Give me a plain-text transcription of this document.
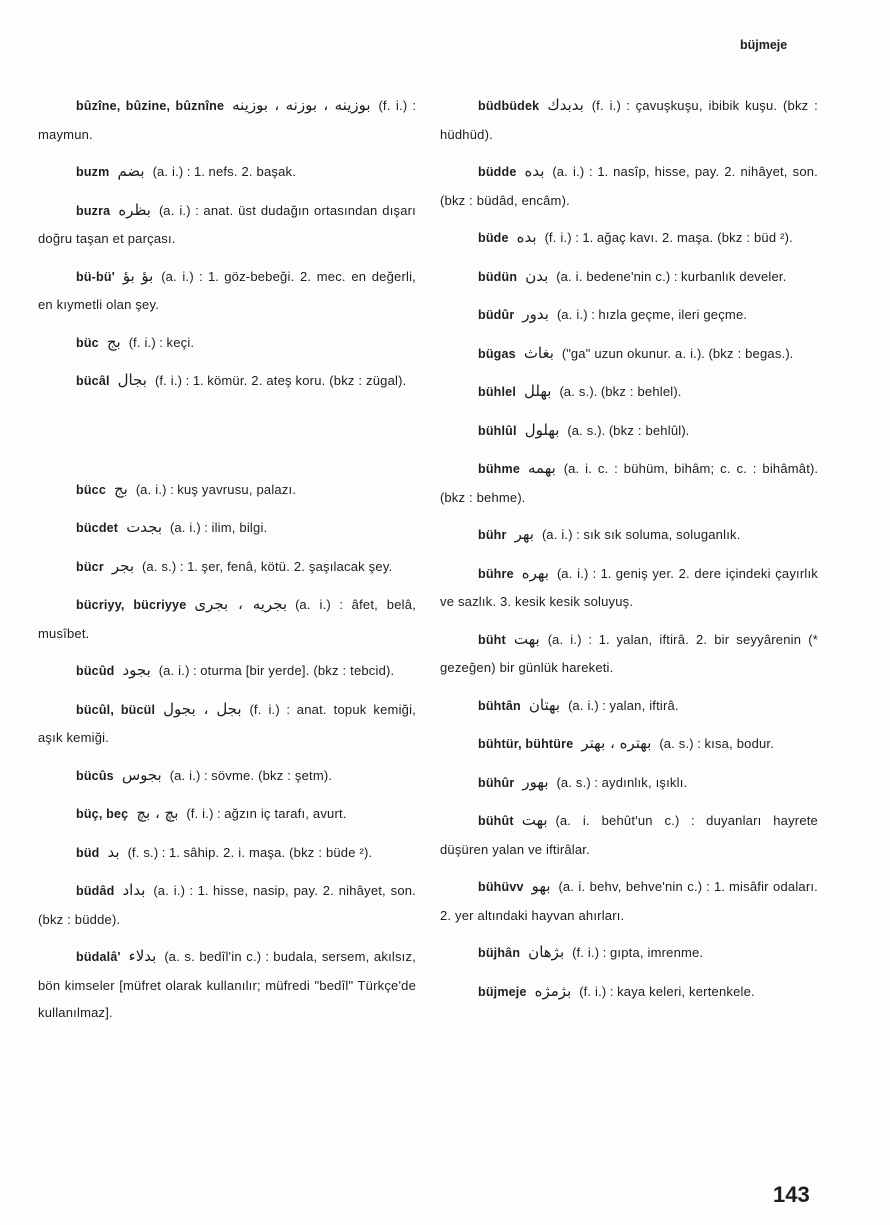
büjmeje
bûzîne, bûzine, bûznîne بوزینه ، بوزنه ، بوزینه (f. i.) : maymun.
buzm بضم (a. i.) : 1. nefs. 2. başak.
buzra بظره (a. i.) : anat. üst dudağın ortasından dışarı doğru taşan et parçası.
bü-bü' بؤ بؤ (a. i.) : 1. göz-bebeği. 2. mec. en değerli, en kıymetli olan şey.
büc بج (f. i.) : keçi.
bücâl بجال (f. i.) : 1. kömür. 2. ateş koru. (bkz : zügal).
bücc بج (a. i.) : kuş yavrusu, palazı.
bücdet بجدت (a. i.) : ilim, bilgi.
bücr بجر (a. s.) : 1. şer, fenâ, kötü. 2. şaşılacak şey.
bücriyy, bücriyye بجریه ، بجری (a. i.) : âfet, belâ, musîbet.
bücûd بجود (a. i.) : oturma [bir yerde]. (bkz : tebcid).
bücûl, bücül بجل ، بجول (f. i.) : anat. topuk kemiği, aşık kemiği.
bücûs بجوس (a. i.) : sövme. (bkz : şetm).
büç, beç بچ ، بچ (f. i.) : ağzın iç tarafı, avurt.
büd بد (f. s.) : 1. sâhip. 2. i. maşa. (bkz : büde ²).
büdâd بداد (a. i.) : 1. hisse, nasip, pay. 2. nihâyet, son. (bkz : büdde).
büdalâ' بدلاء (a. s. bedîl'in c.) : budala, sersem, akılsız, bön kimseler [müfret olarak kullanılır; müfredi "bedîl" Türkçe'de kullanılmaz].
büdbüdek بدبدك (f. i.) : çavuşkuşu, ibibik kuşu. (bkz : hüdhüd).
büdde بده (a. i.) : 1. nasîp, hisse, pay. 2. nihâyet, son. (bkz : büdâd, encâm).
büde بده (f. i.) : 1. ağaç kavı. 2. maşa. (bkz : büd ²).
büdün بدن (a. i. bedene'nin c.) : kurbanlık develer.
büdûr بدور (a. i.) : hızla geçme, ileri geçme.
bügas بغاث ("ga" uzun okunur. a. i.). (bkz : begas.).
bühlel بهلل (a. s.). (bkz : behlel).
bühlûl بهلول (a. s.). (bkz : behlûl).
bühme بهمه (a. i. c. : bühüm, bihâm; c. c. : bihâmât). (bkz : behme).
bühr بهر (a. i.) : sık sık soluma, soluganlık.
bühre بهره (a. i.) : 1. geniş yer. 2. dere içindeki çayırlık ve sazlık. 3. kesik kesik soluyuş.
büht بهت (a. i.) : 1. yalan, iftirâ. 2. bir seyyârenin (* gezeğen) bir günlük hareketi.
bühtân بهتان (a. i.) : yalan, iftirâ.
bühtür, bühtüre بهتره ، بهتر (a. s.) : kısa, bodur.
bühûr بهور (a. s.) : aydınlık, ışıklı.
bühût بهت (a. i. behût'un c.) : duyanları hayrete düşüren yalan ve iftirâlar.
bühüvv بهو (a. i. behv, behve'nin c.) : 1. misâfir odaları. 2. yer altındaki hayvan ahırları.
büjhân بژهان (f. i.) : gıpta, imrenme.
büjmeje بژمژه (f. i.) : kaya keleri, kertenkele.
143
